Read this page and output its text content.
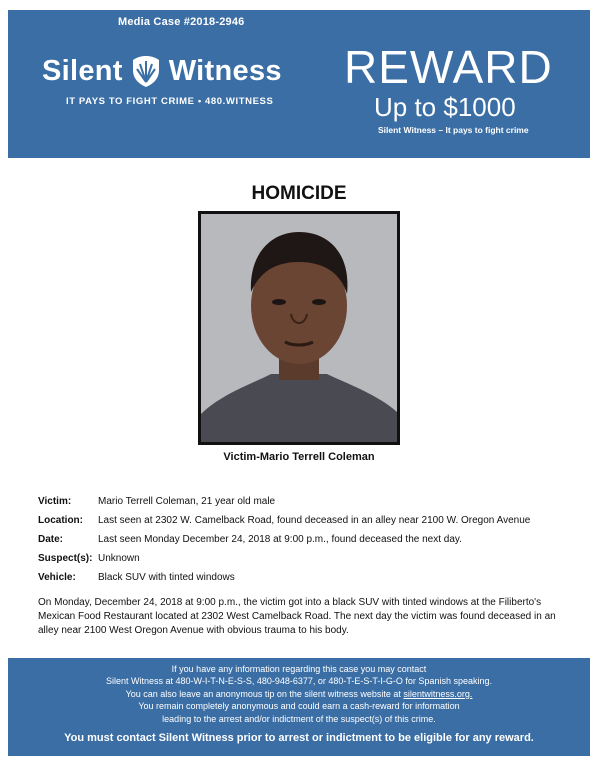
Media Case #2018-2946
Silent Witness
IT PAYS TO FIGHT CRIME • 480.WITNESS
REWARD
Up to $1000
Silent Witness – It pays to fight crime
HOMICIDE
Victim-Mario Terrell Coleman
Victim:	Mario Terrell Coleman, 21 year old male
Location:	Last seen at 2302 W. Camelback Road, found deceased in an alley near 2100 W. Oregon Avenue
Date:	Last seen Monday December 24, 2018 at 9:00 p.m., found deceased the next day.
Suspect(s): Unknown
Vehicle:	Black SUV with tinted windows
On Monday, December 24, 2018 at 9:00 p.m., the victim got into a black SUV with tinted windows at the Filiberto's Mexican Food Restaurant located at 2302 West Camelback Road. The next day the victim was found deceased in an alley near 2100 West Oregon Avenue with obvious trauma to his body.
If you have any information regarding this case you may contact
Silent Witness at 480-W-I-T-N-E-S-S, 480-948-6377, or 480-T-E-S-T-I-G-O for Spanish speaking.
You can also leave an anonymous tip on the silent witness website at silentwitness.org.
You remain completely anonymous and could earn a cash-reward for information
leading to the arrest and/or indictment of the suspect(s) of this crime.
You must contact Silent Witness prior to arrest or indictment to be eligible for any reward.
